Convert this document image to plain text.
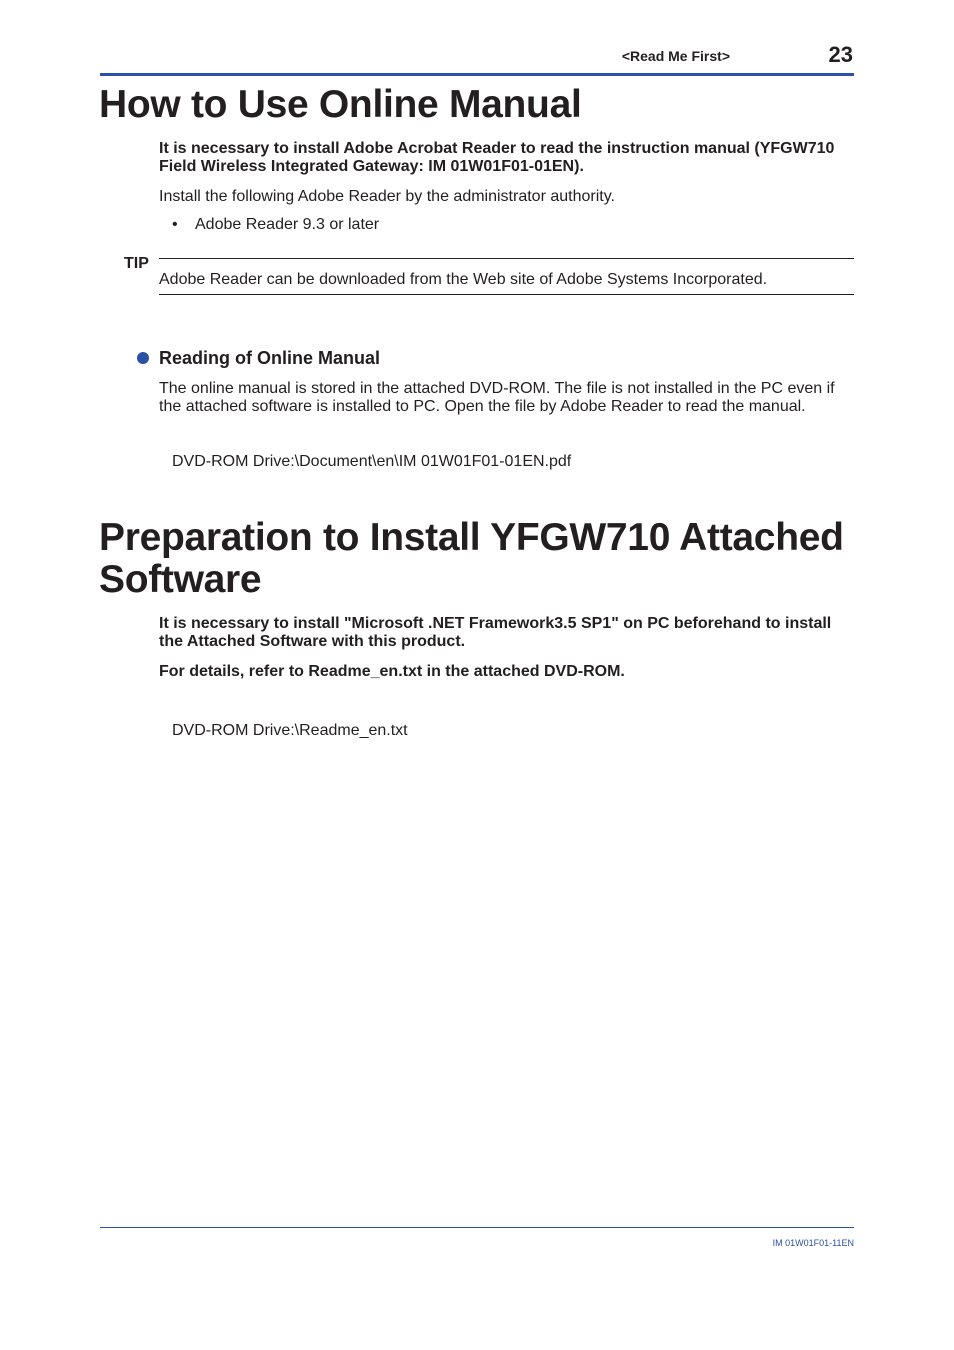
<Read Me First>	23
How to Use Online Manual

It is necessary to install Adobe Acrobat Reader to read the instruction manual (YFGW710 Field Wireless Integrated Gateway: IM 01W01F01-01EN).

Install the following Adobe Reader by the administrator authority.

• Adobe Reader 9.3 or later
TIP

Adobe Reader can be downloaded from the Web site of Adobe Systems Incorporated.

Reading of Online Manual

The online manual is stored in the attached DVD-ROM. The file is not installed in the PC even if the attached software is installed to PC. Open the file by Adobe Reader to read the manual.

DVD-ROM Drive:\Document\en\IM 01W01F01-01EN.pdf
Preparation to Install YFGW710 Attached Software

It is necessary to install "Microsoft .NET Framework3.5 SP1" on PC beforehand to install the Attached Software with this product.

For details, refer to Readme_en.txt in the attached DVD-ROM.

DVD-ROM Drive:\Readme_en.txt
IM 01W01F01-11EN
